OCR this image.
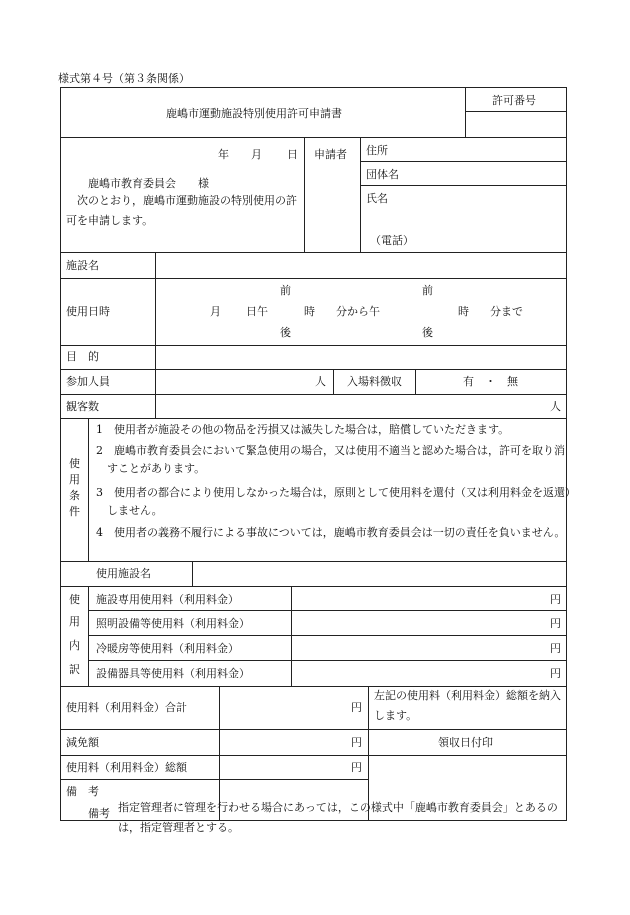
様式第４号（第３条関係）
鹿嶋市運動施設特別使用許可申請書
許可番号
年 月 日
鹿嶋市教育委員会　　様
次のとおり，鹿嶋市運動施設の特別使用の許可を申請します。
申請者 住所
団体名
氏名
（電話）
施設名
使用日時
前	前
月 日午	時 分から午	時 分まで
後	後
目　的
参加人員	人 入場料徴収	有　・　無
観客数	人
使
用
条
件
1　使用者が施設その他の物品を汚損又は滅失した場合は，賠償していただきます。
2　鹿嶋市教育委員会において緊急使用の場合，又は使用不適当と認めた場合は，許可を取り消すことがあります。
3　使用者の都合により使用しなかった場合は，原則として使用料を還付（又は利用料金を返還）しません。
4　使用者の義務不履行による事故については，鹿嶋市教育委員会は一切の責任を負いません。
使用施設名
使
用
内
訳
施設専用使用料（利用料金）	円
照明設備等使用料（利用料金）	円
冷暖房等使用料（利用料金）	円
設備器具等使用料（利用料金）	円
使用料（利用料金）合計	円
左記の使用料（利用料金）総額を納入します。
減免額	円	領収日付印
使用料（利用料金）総額	円
備　考
備考 指定管理者に管理を行わせる場合にあっては，この様式中「鹿嶋市教育委員会」とあるのは，指定管理者とする。
